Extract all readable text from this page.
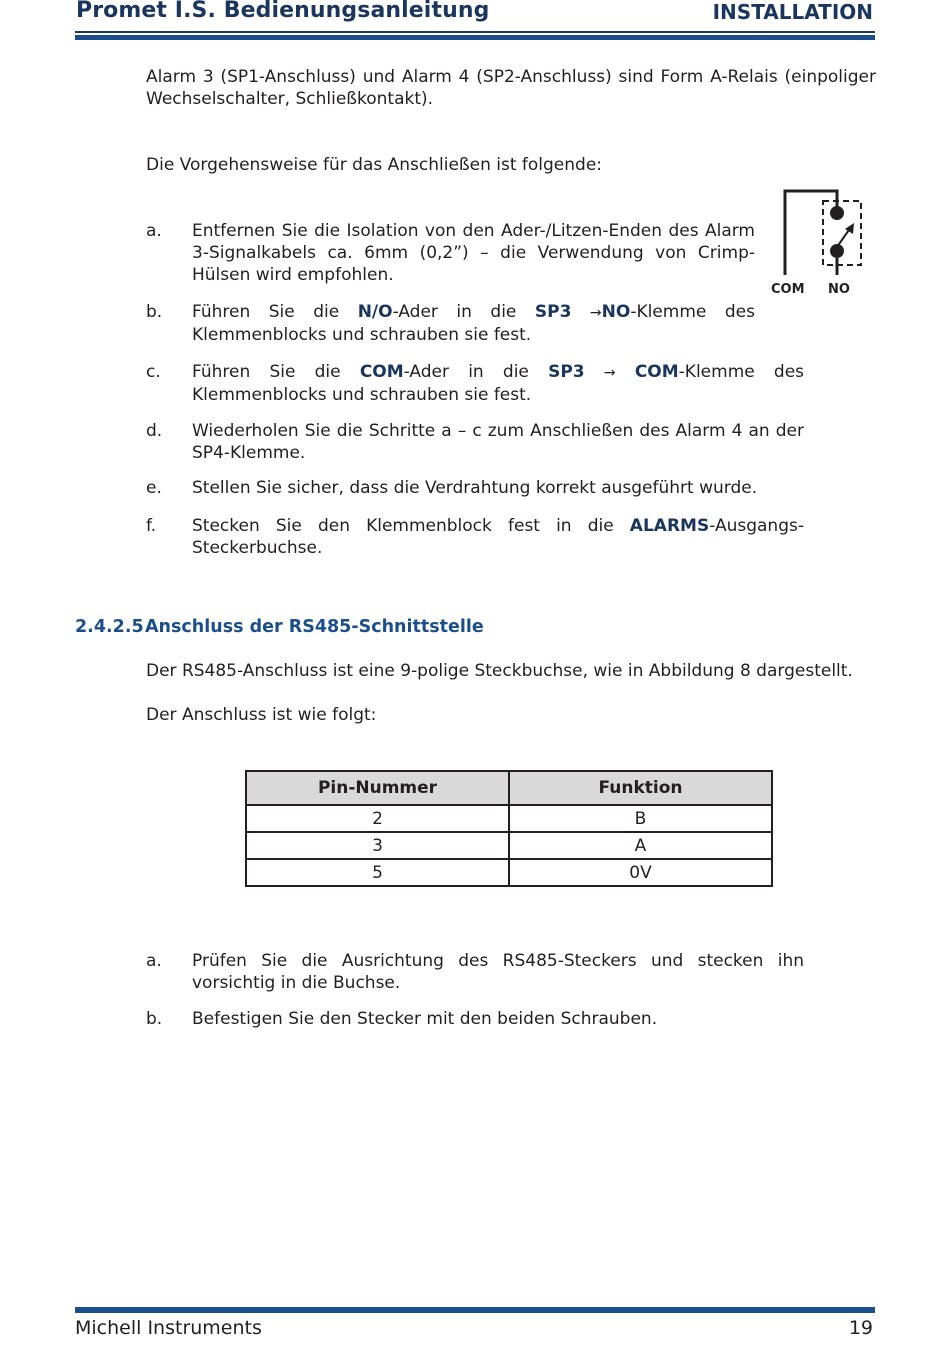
Promet I.S. Bedienungsanleitung	INSTALLATION

Alarm 3 (SP1-Anschluss) und Alarm 4 (SP2-Anschluss) sind Form A-Relais (einpoliger Wechselschalter, Schließkontakt).

Die Vorgehensweise für das Anschließen ist folgende:

COM NO
a.	Entfernen Sie die Isolation von den Ader-/Litzen-Enden des Alarm 3-Signalkabels ca. 6mm (0,2”) – die Verwendung von Crimp-Hülsen wird empfohlen.
b.	Führen Sie die N/O-Ader in die SP3 →NO-Klemme des Klemmenblocks und schrauben sie fest.
c.	Führen Sie die COM-Ader in die SP3 → COM-Klemme des Klemmenblocks und schrauben sie fest.
d.	Wiederholen Sie die Schritte a – c zum Anschließen des Alarm 4 an der SP4-Klemme.
e.	Stellen Sie sicher, dass die Verdrahtung korrekt ausgeführt wurde.
f.	Stecken Sie den Klemmenblock fest in die ALARMS-Ausgangs-Steckerbuchse.
2.4.2.5Anschluss der RS485-Schnittstelle

Der RS485-Anschluss ist eine 9-polige Steckbuchse, wie in Abbildung 8 dargestellt.

Der Anschluss ist wie folgt:

Pin-Nummer	Funktion
2	B
3	A
5	0V
a.	Prüfen Sie die Ausrichtung des RS485-Steckers und stecken ihn vorsichtig in die Buchse.
b.	Befestigen Sie den Stecker mit den beiden Schrauben.
Michell Instruments	19
